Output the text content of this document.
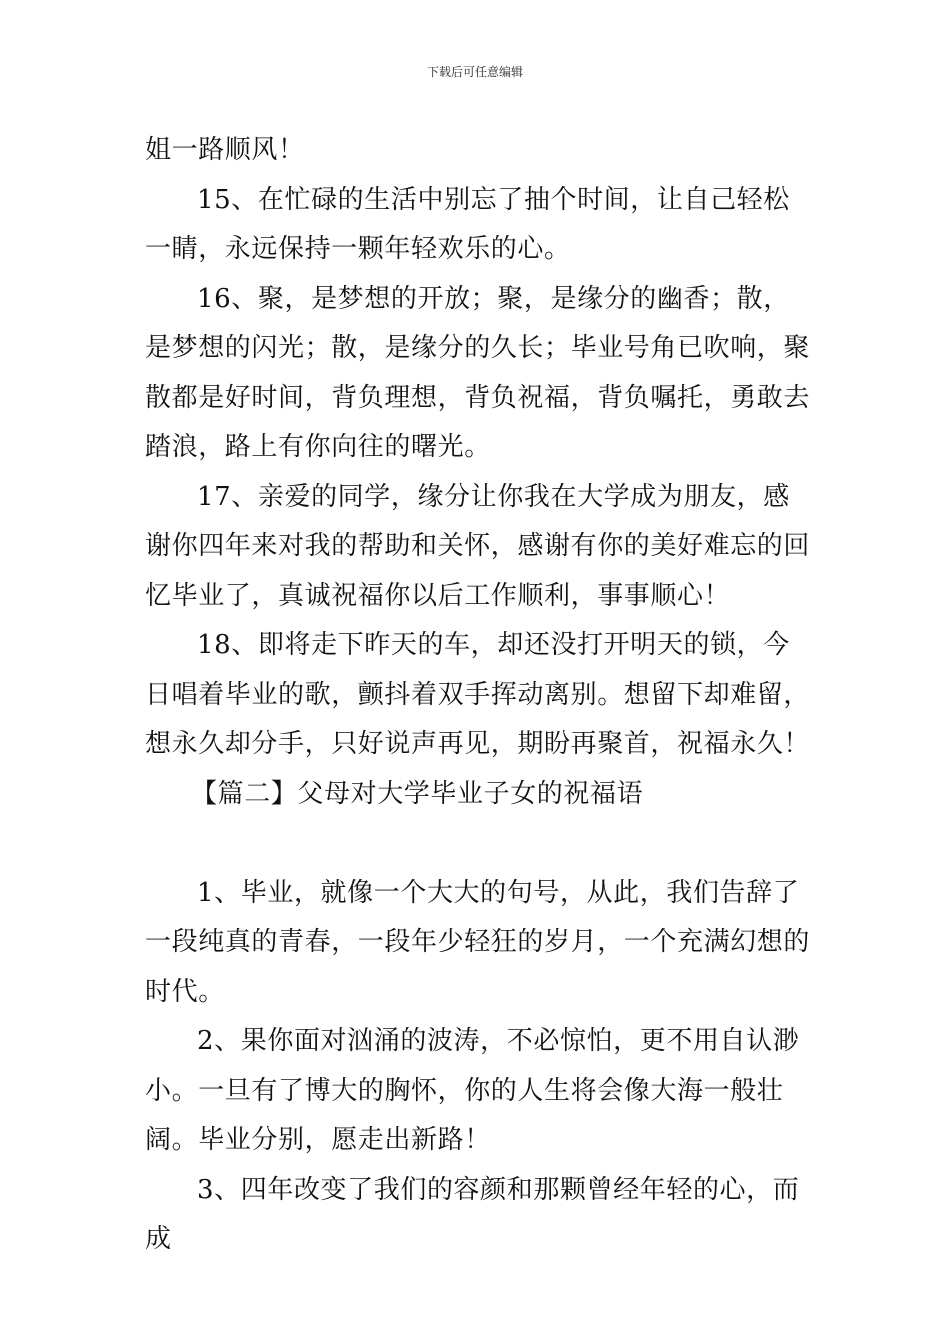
下载后可任意编辑

姐一路顺风！

15、在忙碌的生活中别忘了抽个时间，让自己轻松一睛，永远保持一颗年轻欢乐的心。

16、聚，是梦想的开放；聚，是缘分的幽香；散，是梦想的闪光；散，是缘分的久长；毕业号角已吹响，聚散都是好时间，背负理想，背负祝福，背负嘱托，勇敢去踏浪，路上有你向往的曙光。

17、亲爱的同学，缘分让你我在大学成为朋友，感谢你四年来对我的帮助和关怀，感谢有你的美好难忘的回忆毕业了，真诚祝福你以后工作顺利，事事顺心！

18、即将走下昨天的车，却还没打开明天的锁，今日唱着毕业的歌，颤抖着双手挥动离别。想留下却难留，想永久却分手，只好说声再见，期盼再聚首，祝福永久！

【篇二】父母对大学毕业子女的祝福语

1、毕业，就像一个大大的句号，从此，我们告辞了一段纯真的青春，一段年少轻狂的岁月，一个充满幻想的时代。

2、果你面对汹涌的波涛，不必惊怕，更不用自认渺小。一旦有了博大的胸怀，你的人生将会像大海一般壮阔。毕业分别，愿走出新路！

3、四年改变了我们的容颜和那颗曾经年轻的心，而成
